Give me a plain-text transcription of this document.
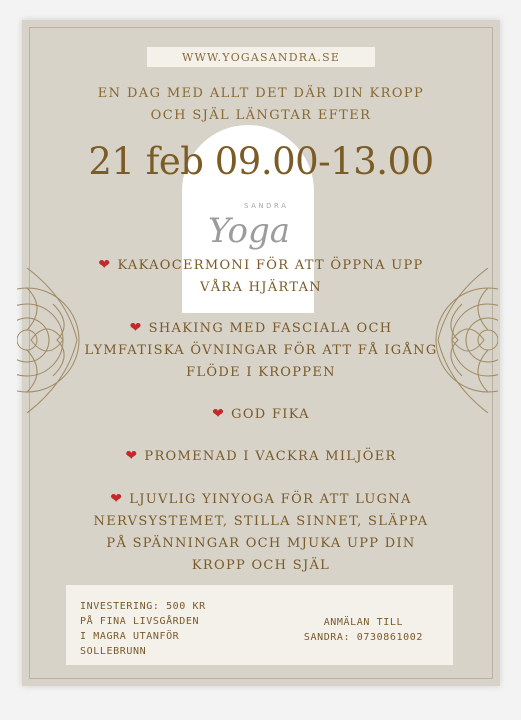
WWW.YOGASANDRA.SE
EN DAG MED ALLT DET DÄR DIN KROPP
OCH SJÄL LÄNGTAR EFTER
21 feb 09.00-13.00
SANDRA
Yoga
❤ KAKAOCERMONI FÖR ATT ÖPPNA UPP VÅRA HJÄRTAN
❤ SHAKING MED FASCIALA OCH LYMFATISKA ÖVNINGAR FÖR ATT FÅ IGÅNG FLÖDE I KROPPEN
❤ GOD FIKA
❤ PROMENAD I VACKRA MILJÖER
❤ LJUVLIG YINYOGA FÖR ATT LUGNA NERVSYSTEMET, STILLA SINNET, SLÄPPA PÅ SPÄNNINGAR OCH MJUKA UPP DIN KROPP OCH SJÄL
INVESTERING: 500 KR
PÅ FINA LIVSGÅRDEN
I MAGRA UTANFÖR
SOLLEBRUNN
ANMÄLAN TILL
SANDRA: 0730861002
